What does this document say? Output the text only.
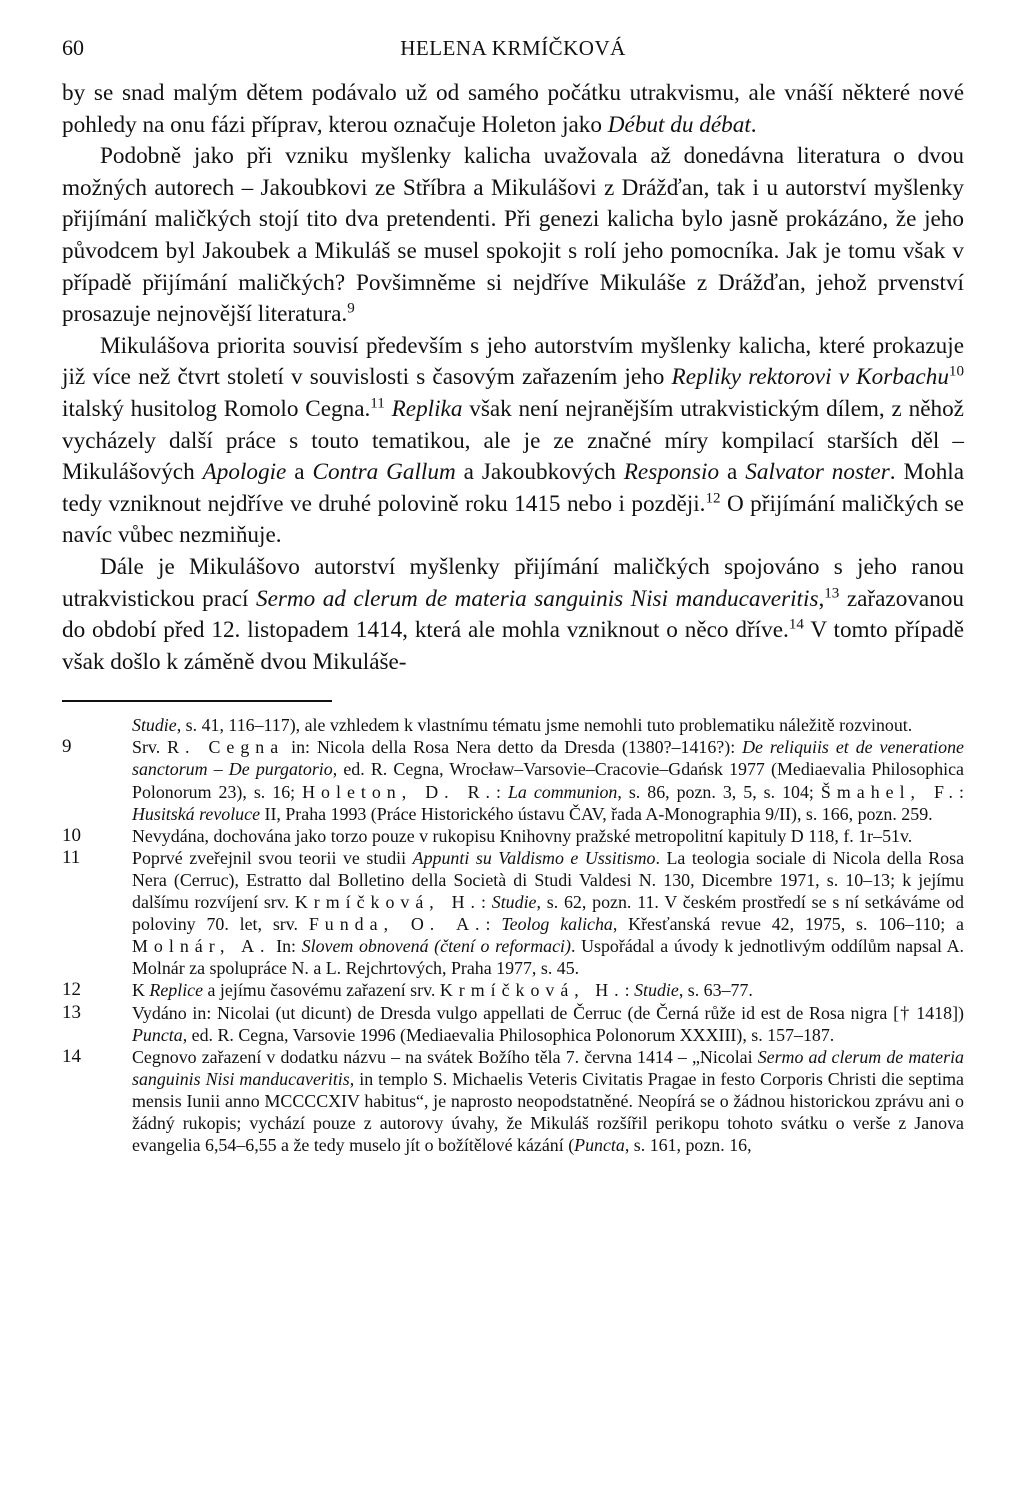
60	HELENA KRMÍČKOVÁ

by se snad malým dětem podávalo už od samého počátku utrakvismu, ale vnáší některé nové pohledy na onu fázi příprav, kterou označuje Holeton jako Début du débat.

Podobně jako při vzniku myšlenky kalicha uvažovala až donedávna literatura o dvou možných autorech – Jakoubkovi ze Stříbra a Mikulášovi z Drážďan, tak i u autorství myšlenky přijímání maličkých stojí tito dva pretendenti. Při genezi kalicha bylo jasně prokázáno, že jeho původcem byl Jakoubek a Mikuláš se musel spokojit s rolí jeho pomocníka. Jak je tomu však v případě přijímání maličkých? Povšimněme si nejdříve Mikuláše z Drážďan, jehož prvenství prosazuje nejnovější literatura.$^9$

Mikulášova priorita souvisí především s jeho autorstvím myšlenky kalicha, které prokazuje již více než čtvrt století v souvislosti s časovým zařazením jeho Repliky rektorovi v Korbachu$^{10}$ italský husitolog Romolo Cegna.$^{11}$ Replika však není nejranějším utrakvistickým dílem, z něhož vycházely další práce s touto tematikou, ale je ze značné míry kompilací starších děl – Mikulášových Apologie a Contra Gallum a Jakoubkových Responsio a Salvator noster. Mohla tedy vzniknout nejdříve ve druhé polovině roku 1415 nebo i později.$^{12}$ O přijímání maličkých se navíc vůbec nezmiňuje.

Dále je Mikulášovo autorství myšlenky přijímání maličkých spojováno s jeho ranou utrakvistickou prací Sermo ad clerum de materia sanguinis Nisi manducaveritis,$^{13}$ zařazovanou do období před 12. listopadem 1414, která ale mohla vzniknout o něco dříve.$^{14}$ V tomto případě však došlo k záměně dvou Mikuláše-

Studie, s. 41, 116–117), ale vzhledem k vlastnímu tématu jsme nemohli tuto problematiku náležitě rozvinout.
9	Srv. R. Cegna in: Nicola della Rosa Nera detto da Dresda (1380?–1416?): De reliquiis et de veneratione sanctorum – De purgatorio, ed. R. Cegna, Wrocław–Varsovie–Cracovie–Gdańsk 1977 (Mediaevalia Philosophica Polonorum 23), s. 16; Holeton, D. R.: La communion, s. 86, pozn. 3, 5, s. 104; Šmahel, F.: Husitská revoluce II, Praha 1993 (Práce Historického ústavu ČAV, řada A-Monographia 9/II), s. 166, pozn. 259.
10	Nevydána, dochována jako torzo pouze v rukopisu Knihovny pražské metropolitní kapituly D 118, f. 1r–51v.
11	Poprvé zveřejnil svou teorii ve studii Appunti su Valdismo e Ussitismo. La teologia sociale di Nicola della Rosa Nera (Cerruc), Estratto dal Bolletino della Società di Studi Valdesi N. 130, Dicembre 1971, s. 10–13; k jejímu dalšímu rozvíjení srv. Krmíčková, H.: Studie, s. 62, pozn. 11. V českém prostředí se s ní setkáváme od poloviny 70. let, srv. Funda, O. A.: Teolog kalicha, Křesťanská revue 42, 1975, s. 106–110; a Molnár, A. In: Slovem obnovená (čtení o reformaci). Uspořádal a úvody k jednotlivým oddílům napsal A. Molnár za spolupráce N. a L. Rejchrtových, Praha 1977, s. 45.
12	K Replice a jejímu časovému zařazení srv. Krmíčková, H.: Studie, s. 63–77.
13	Vydáno in: Nicolai (ut dicunt) de Dresda vulgo appellati de Čerruc (de Černá růže id est de Rosa nigra [† 1418]) Puncta, ed. R. Cegna, Varsovie 1996 (Mediaevalia Philosophica Polonorum XXXIII), s. 157–187.
14	Cegnovo zařazení v dodatku názvu – na svátek Božího těla 7. června 1414 – „Nicolai Sermo ad clerum de materia sanguinis Nisi manducaveritis, in templo S. Michaelis Veteris Civitatis Pragae in festo Corporis Christi die septima mensis Iunii anno MCCCCXIV habitus“, je naprosto neopodstatněné. Neopírá se o žádnou historickou zprávu ani o žádný rukopis; vychází pouze z autorovy úvahy, že Mikuláš rozšířil perikopu tohoto svátku o verše z Janova evangelia 6,54–6,55 a že tedy muselo jít o božítělové kázání (Puncta, s. 161, pozn. 16,
